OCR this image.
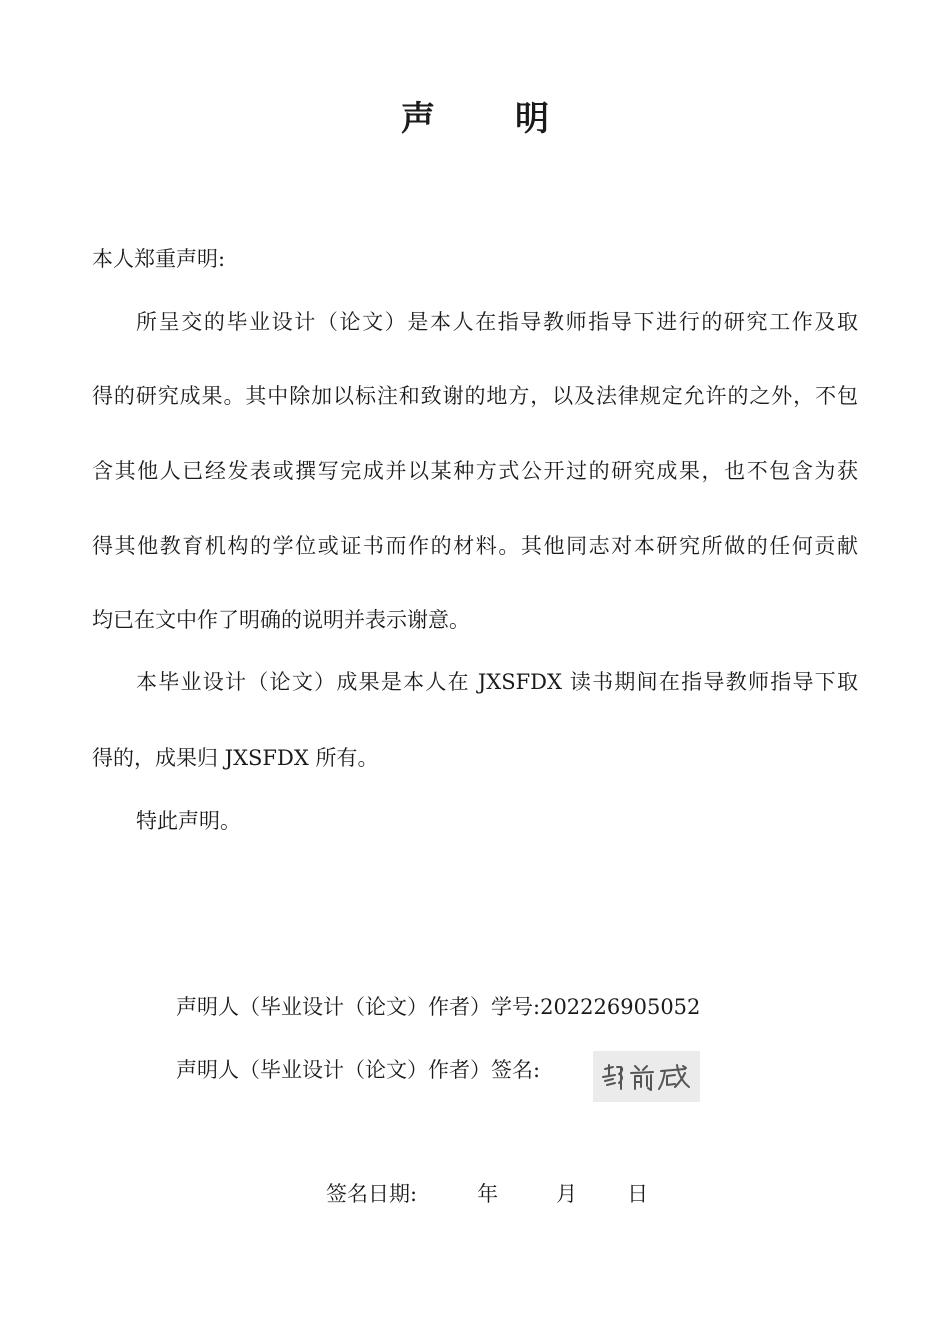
声 明
本人郑重声明:
所呈交的毕业设计（论文）是本人在指导教师指导下进行的研究工作及取
得的研究成果。其中除加以标注和致谢的地方，以及法律规定允许的之外，不包
含其他人已经发表或撰写完成并以某种方式公开过的研究成果，也不包含为获
得其他教育机构的学位或证书而作的材料。其他同志对本研究所做的任何贡献
均已在文中作了明确的说明并表示谢意。
本毕业设计（论文）成果是本人在 JXSFDX 读书期间在指导教师指导下取
得的，成果归 JXSFDX 所有。
特此声明。
声明人（毕业设计（论文）作者）学号:202226905052
声明人（毕业设计（论文）作者）签名:
签名日期:	年	月 日
